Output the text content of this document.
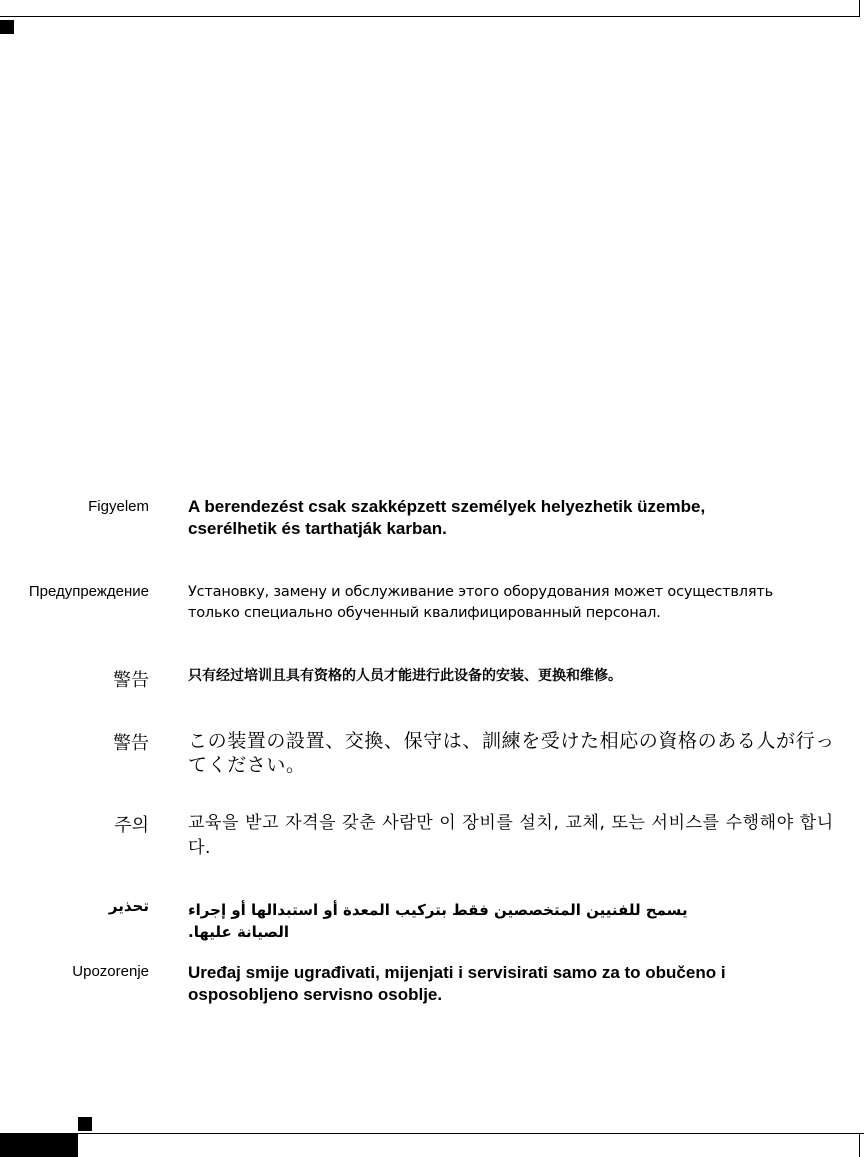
Figyelem A berendezést csak szakképzett személyek helyezhetik üzembe, cserélhetik és tarthatják karban.
Предупреждение	Установку, замену и обслуживание этого оборудования может осуществлять только специально обученный квалифицированный персонал.
警告	只有经过培训且具有资格的人员才能进行此设备的安装、更换和维修。
警告 この装置の設置、交換、保守は、訓練を受けた相応の資格のある人が行ってください。
주의 교육을 받고 자격을 갖춘 사람만 이 장비를 설치, 교체, 또는 서비스를 수행해야 합니다.
تحذير	يسمح للفنيين المتخصصين فقط بتركيب المعدة أو استبدالها أو إجراء الصيانة عليها.
Upozorenje Uređaj smije ugrađivati, mijenjati i servisirati samo za to obučeno i osposobljeno servisno osoblje.
